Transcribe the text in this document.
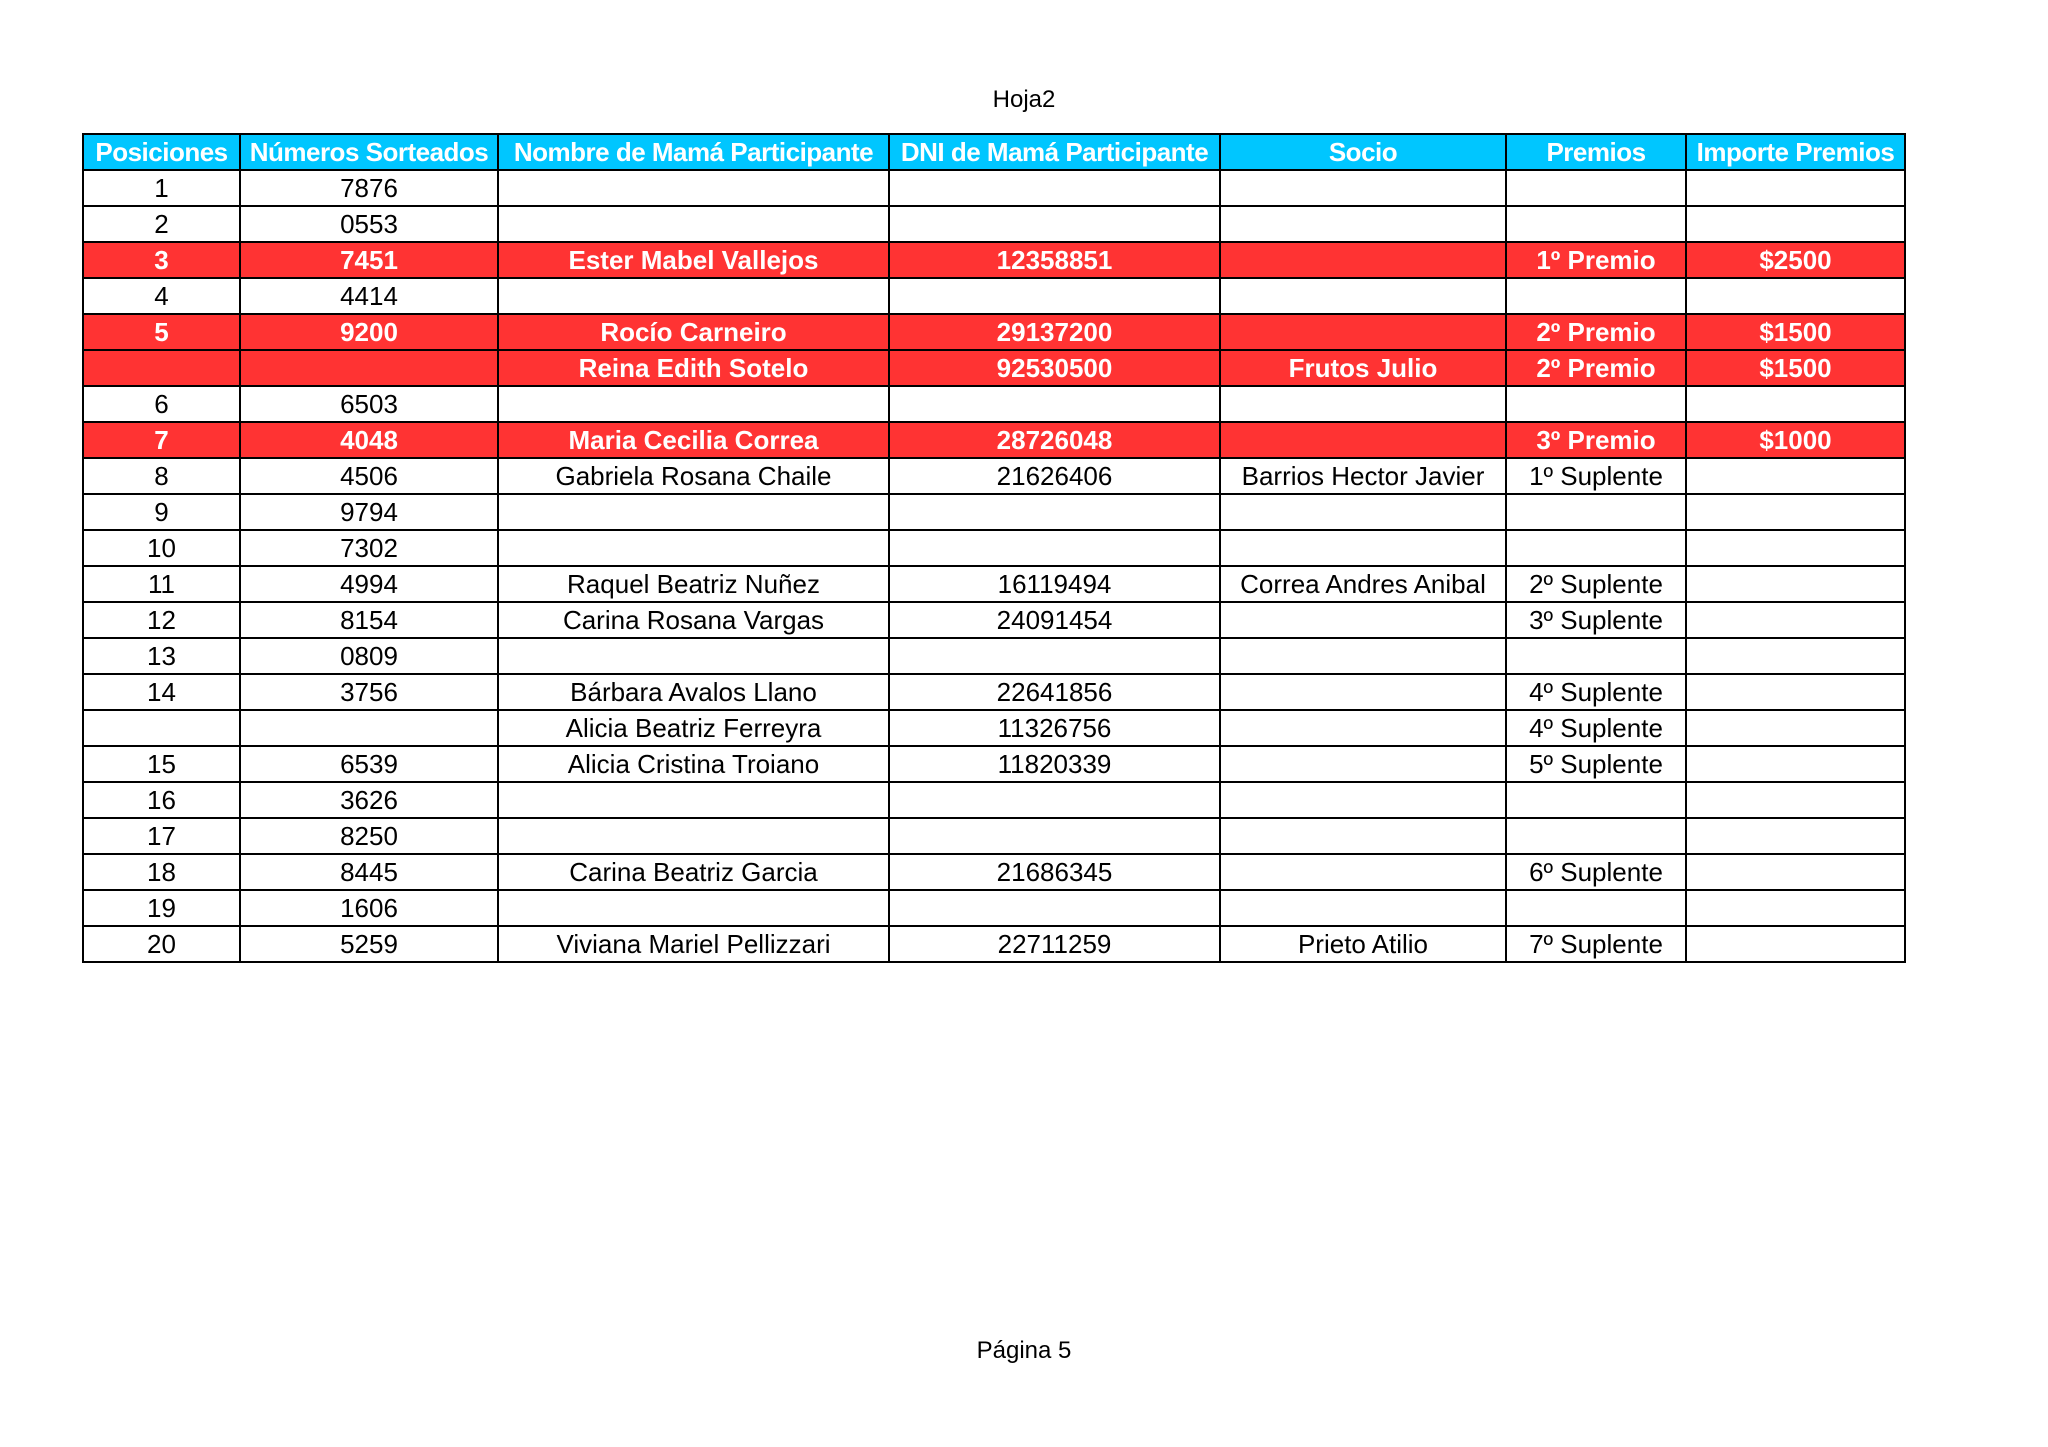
Hoja2
Posiciones	Números Sorteados	Nombre de Mamá Participante	DNI de Mamá Participante	Socio	Premios	Importe Premios
1	7876					
2	0553					
3	7451	Ester Mabel Vallejos	12358851		1º Premio	$2500
4	4414					
5	9200	Rocío Carneiro	29137200		2º Premio	$1500
		Reina Edith Sotelo	92530500	Frutos Julio	2º Premio	$1500
6	6503					
7	4048	Maria Cecilia Correa	28726048		3º Premio	$1000
8	4506	Gabriela Rosana Chaile	21626406	Barrios Hector Javier	1º Suplente	
9	9794					
10	7302					
11	4994	Raquel Beatriz Nuñez	16119494	Correa Andres Anibal	2º Suplente	
12	8154	Carina Rosana Vargas	24091454		3º Suplente	
13	0809					
14	3756	Bárbara Avalos Llano	22641856		4º Suplente	
		Alicia Beatriz Ferreyra	11326756		4º Suplente	
15	6539	Alicia Cristina Troiano	11820339		5º Suplente	
16	3626					
17	8250					
18	8445	Carina Beatriz Garcia	21686345		6º Suplente	
19	1606					
20	5259	Viviana Mariel Pellizzari	22711259	Prieto Atilio	7º Suplente	
Página 5
